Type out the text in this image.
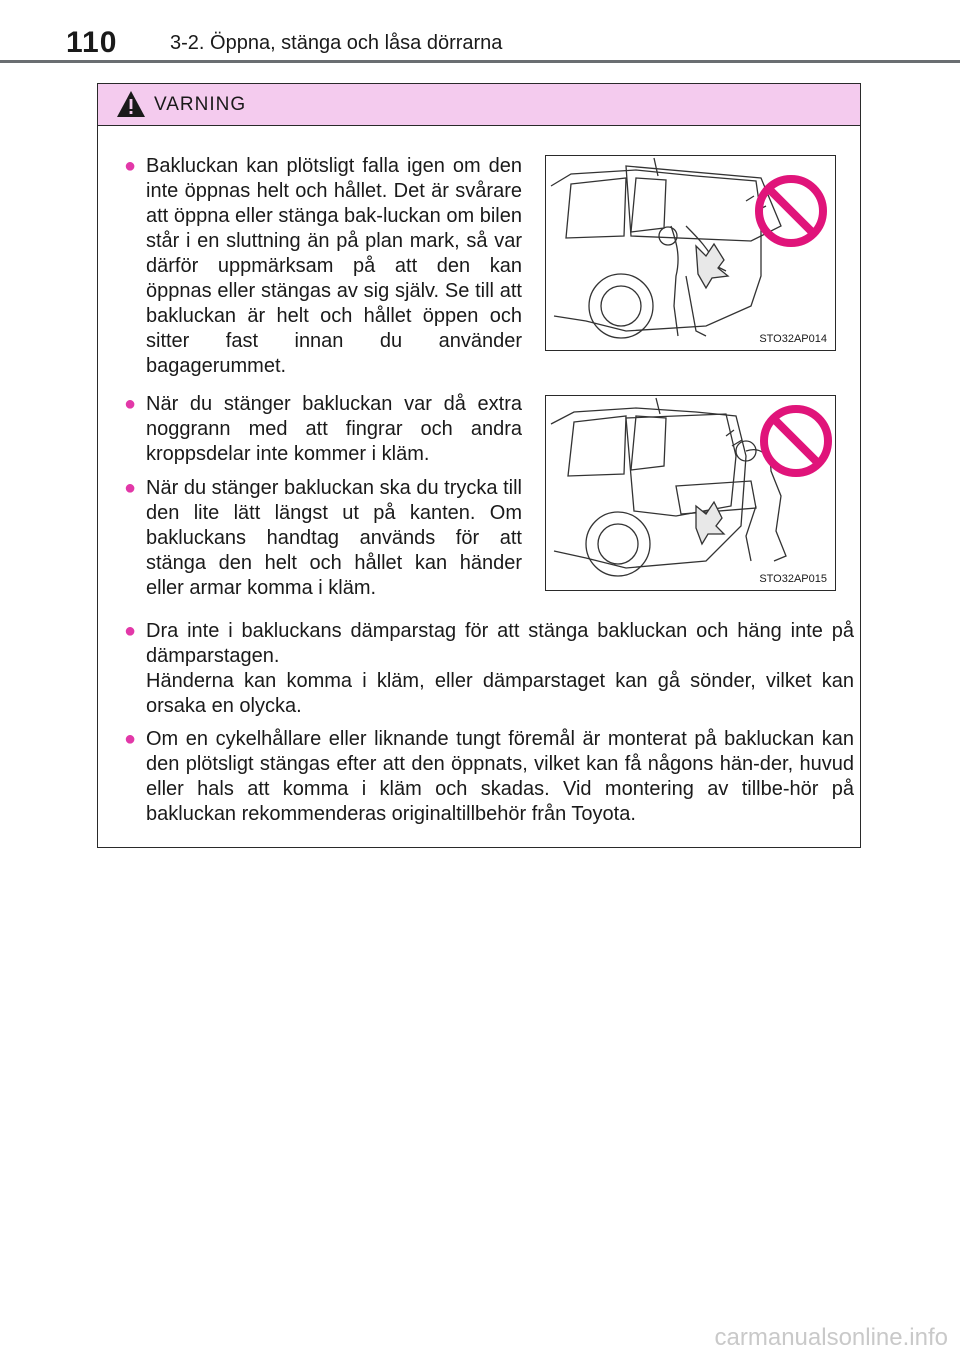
110	3-2. Öppna, stänga och låsa dörrarna
VARNING
● Bakluckan kan plötsligt falla igen om den inte öppnas helt och hållet. Det är svårare att öppna eller stänga bak-luckan om bilen står i en sluttning än på plan mark, så var därför uppmärksam på att den kan öppnas eller stängas av sig själv. Se till att bakluckan är helt och hållet öppen och sitter fast innan du använder bagagerummet.
STO32AP014
● När du stänger bakluckan var då extra noggrann med att fingrar och andra kroppsdelar inte kommer i kläm.
● När du stänger bakluckan ska du trycka till den lite lätt längst ut på kanten. Om bakluckans handtag används för att stänga den helt och hållet kan händer eller armar komma i kläm.	STO32AP015
● Dra inte i bakluckans dämparstag för att stänga bakluckan och häng inte på dämparstagen.
Händerna kan komma i kläm, eller dämparstaget kan gå sönder, vilket kan orsaka en olycka.
● Om en cykelhållare eller liknande tungt föremål är monterat på bakluckan kan den plötsligt stängas efter att den öppnats, vilket kan få någons hän-der, huvud eller hals att komma i kläm och skadas. Vid montering av tillbe-hör på bakluckan rekommenderas originaltillbehör från Toyota.
carmanualsonline.info
